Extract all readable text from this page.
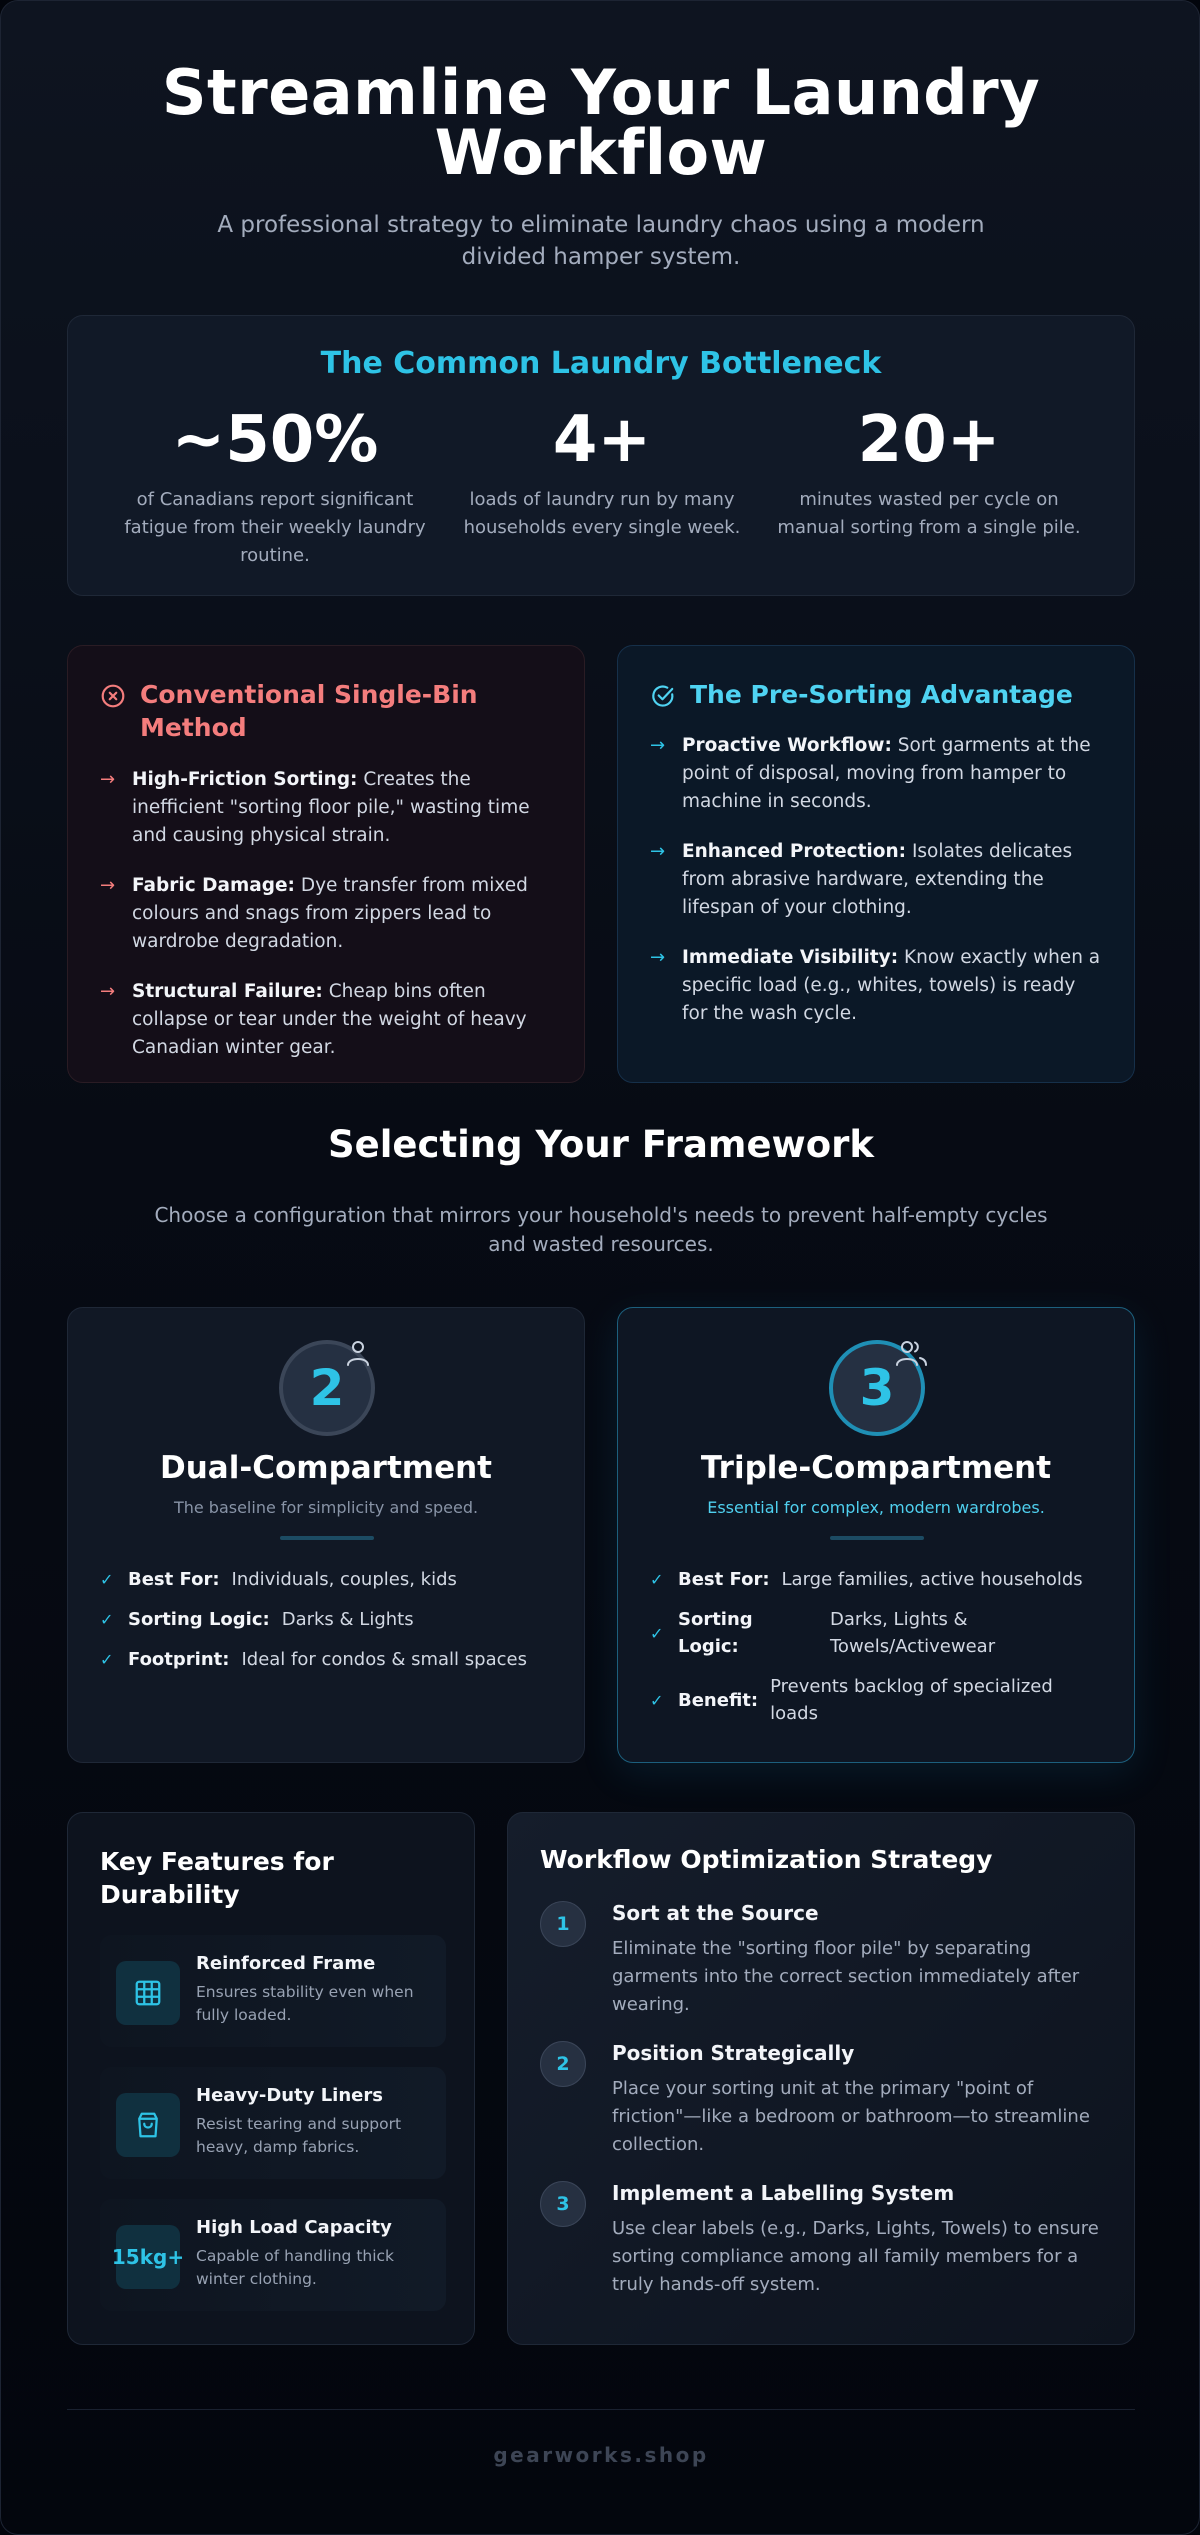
Streamline Your Laundry Workflow

A professional strategy to eliminate laundry chaos using a modern divided hamper system.

The Common Laundry Bottleneck
~50%
of Canadians report significant fatigue from their weekly laundry routine.
4+
loads of laundry run by many households every single week.
20+
minutes wasted per cycle on manual sorting from a single pile.
Conventional Single-Bin Method
→ High-Friction Sorting: Creates the inefficient "sorting floor pile," wasting time and causing physical strain.
→ Fabric Damage: Dye transfer from mixed colours and snags from zippers lead to wardrobe degradation.
→ Structural Failure: Cheap bins often collapse or tear under the weight of heavy Canadian winter gear.
The Pre-Sorting Advantage
→ Proactive Workflow: Sort garments at the point of disposal, moving from hamper to machine in seconds.
→ Enhanced Protection: Isolates delicates from abrasive hardware, extending the lifespan of your clothing.
→ Immediate Visibility: Know exactly when a specific load (e.g., whites, towels) is ready for the wash cycle.
Selecting Your Framework
Choose a configuration that mirrors your household's needs to prevent half-empty cycles and wasted resources.
2
Dual-Compartment
The baseline for simplicity and speed.
✓ Best For: Individuals, couples, kids
✓ Sorting Logic: Darks & Lights
✓ Footprint: Ideal for condos & small spaces
3
Triple-Compartment
Essential for complex, modern wardrobes.
✓ Best For: Large families, active households
✓
Sorting Logic:
Darks, Lights & Towels/Activewear
✓ Benefit:
Prevents backlog of specialized loads
Key Features for Durability
Reinforced Frame
Ensures stability even when fully loaded.
Heavy-Duty Liners
Resist tearing and support heavy, damp fabrics.
15kg+
High Load Capacity
Capable of handling thick winter clothing.
Workflow Optimization Strategy
1	Sort at the Source
Eliminate the "sorting floor pile" by separating garments into the correct section immediately after wearing.
2	Position Strategically
Place your sorting unit at the primary "point of friction"—like a bedroom or bathroom—to streamline collection.
3	Implement a Labelling System
Use clear labels (e.g., Darks, Lights, Towels) to ensure sorting compliance among all family members for a truly hands-off system.
gearworks.shop
